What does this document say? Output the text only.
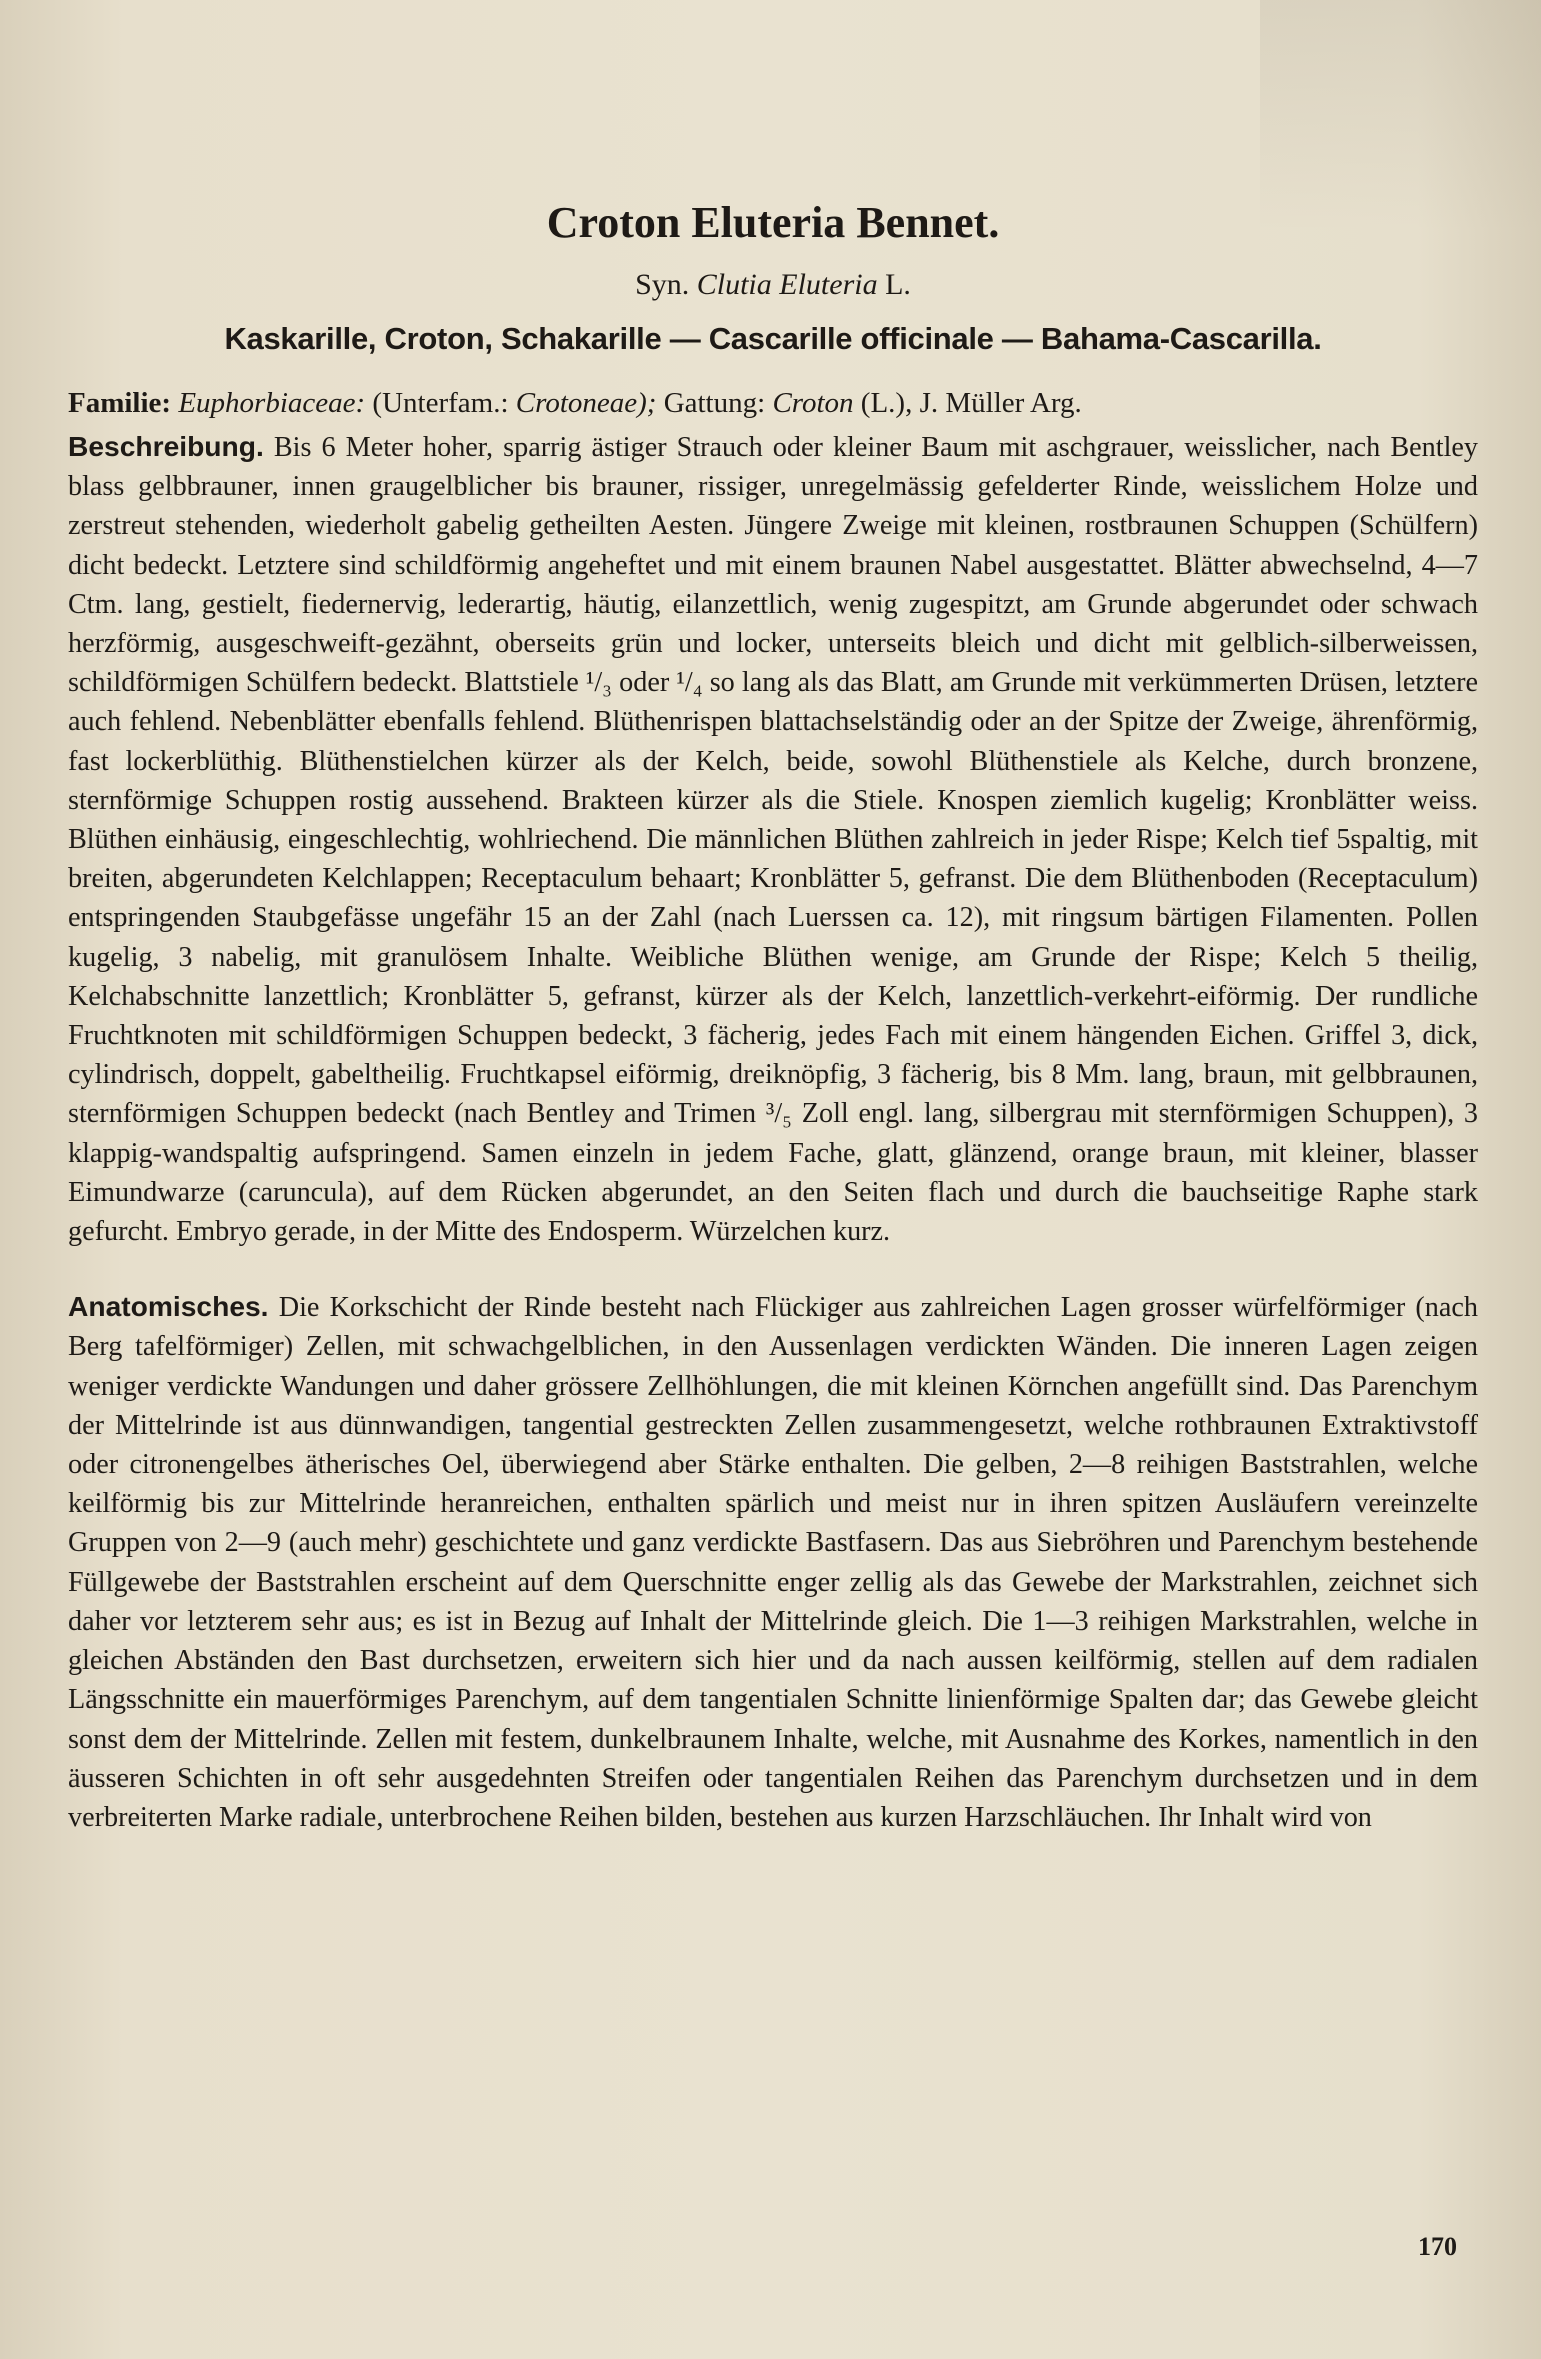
Croton Eluteria Bennet.
Syn. Clutia Eluteria L.
Kaskarille, Croton, Schakarille — Cascarille officinale — Bahama-Cascarilla.

Familie: Euphorbiaceae: (Unterfam.: Crotoneae); Gattung: Croton (L.), J. Müller Arg.

Beschreibung. Bis 6 Meter hoher, sparrig ästiger Strauch oder kleiner Baum mit aschgrauer, weisslicher, nach Bentley blass gelbbrauner, innen graugelblicher bis brauner, rissiger, unregelmässig gefelderter Rinde, weisslichem Holze und zerstreut stehenden, wiederholt gabelig getheilten Aesten. Jüngere Zweige mit kleinen, rostbraunen Schuppen (Schülfern) dicht bedeckt. Letztere sind schildförmig angeheftet und mit einem braunen Nabel ausgestattet. Blätter abwechselnd, 4—7 Ctm. lang, gestielt, fiedernervig, lederartig, häutig, eilanzettlich, wenig zugespitzt, am Grunde abgerundet oder schwach herzförmig, ausgeschweift-gezähnt, oberseits grün und locker, unterseits bleich und dicht mit gelblich-silberweissen, schildförmigen Schülfern bedeckt. Blattstiele ¹/₃ oder ¹/₄ so lang als das Blatt, am Grunde mit verkümmerten Drüsen, letztere auch fehlend. Nebenblätter ebenfalls fehlend. Blüthenrispen blattachselständig oder an der Spitze der Zweige, ährenförmig, fast lockerblüthig. Blüthenstielchen kürzer als der Kelch, beide, sowohl Blüthenstiele als Kelche, durch bronzene, sternförmige Schuppen rostig aussehend. Brakteen kürzer als die Stiele. Knospen ziemlich kugelig; Kronblätter weiss. Blüthen einhäusig, eingeschlechtig, wohlriechend. Die männlichen Blüthen zahlreich in jeder Rispe; Kelch tief 5spaltig, mit breiten, abgerundeten Kelchlappen; Receptaculum behaart; Kronblätter 5, gefranst. Die dem Blüthenboden (Receptaculum) entspringenden Staubgefässe ungefähr 15 an der Zahl (nach Luerssen ca. 12), mit ringsum bärtigen Filamenten. Pollen kugelig, 3 nabelig, mit granulösem Inhalte. Weibliche Blüthen wenige, am Grunde der Rispe; Kelch 5 theilig, Kelchabschnitte lanzettlich; Kronblätter 5, gefranst, kürzer als der Kelch, lanzettlich-verkehrt-eiförmig. Der rundliche Fruchtknoten mit schildförmigen Schuppen bedeckt, 3 fächerig, jedes Fach mit einem hängenden Eichen. Griffel 3, dick, cylindrisch, doppelt, gabeltheilig. Fruchtkapsel eiförmig, dreiknöpfig, 3 fächerig, bis 8 Mm. lang, braun, mit gelbbraunen, sternförmigen Schuppen bedeckt (nach Bentley and Trimen ³/₅ Zoll engl. lang, silbergrau mit sternförmigen Schuppen), 3 klappig-wandspaltig aufspringend. Samen einzeln in jedem Fache, glatt, glänzend, orange braun, mit kleiner, blasser Eimundwarze (caruncula), auf dem Rücken abgerundet, an den Seiten flach und durch die bauchseitige Raphe stark gefurcht. Embryo gerade, in der Mitte des Endosperm. Würzelchen kurz.

Anatomisches. Die Korkschicht der Rinde besteht nach Flückiger aus zahlreichen Lagen grosser würfelförmiger (nach Berg tafelförmiger) Zellen, mit schwachgelblichen, in den Aussenlagen verdickten Wänden. Die inneren Lagen zeigen weniger verdickte Wandungen und daher grössere Zellhöhlungen, die mit kleinen Körnchen angefüllt sind. Das Parenchym der Mittelrinde ist aus dünnwandigen, tangential gestreckten Zellen zusammengesetzt, welche rothbraunen Extraktivstoff oder citronengelbes ätherisches Oel, überwiegend aber Stärke enthalten. Die gelben, 2—8 reihigen Baststrahlen, welche keilförmig bis zur Mittelrinde heranreichen, enthalten spärlich und meist nur in ihren spitzen Ausläufern vereinzelte Gruppen von 2—9 (auch mehr) geschichtete und ganz verdickte Bastfasern. Das aus Siebröhren und Parenchym bestehende Füllgewebe der Baststrahlen erscheint auf dem Querschnitte enger zellig als das Gewebe der Markstrahlen, zeichnet sich daher vor letzterem sehr aus; es ist in Bezug auf Inhalt der Mittelrinde gleich. Die 1—3 reihigen Markstrahlen, welche in gleichen Abständen den Bast durchsetzen, erweitern sich hier und da nach aussen keilförmig, stellen auf dem radialen Längsschnitte ein mauerförmiges Parenchym, auf dem tangentialen Schnitte linienförmige Spalten dar; das Gewebe gleicht sonst dem der Mittelrinde. Zellen mit festem, dunkelbraunem Inhalte, welche, mit Ausnahme des Korkes, namentlich in den äusseren Schichten in oft sehr ausgedehnten Streifen oder tangentialen Reihen das Parenchym durchsetzen und in dem verbreiterten Marke radiale, unterbrochene Reihen bilden, bestehen aus kurzen Harzschläuchen. Ihr Inhalt wird von

170
